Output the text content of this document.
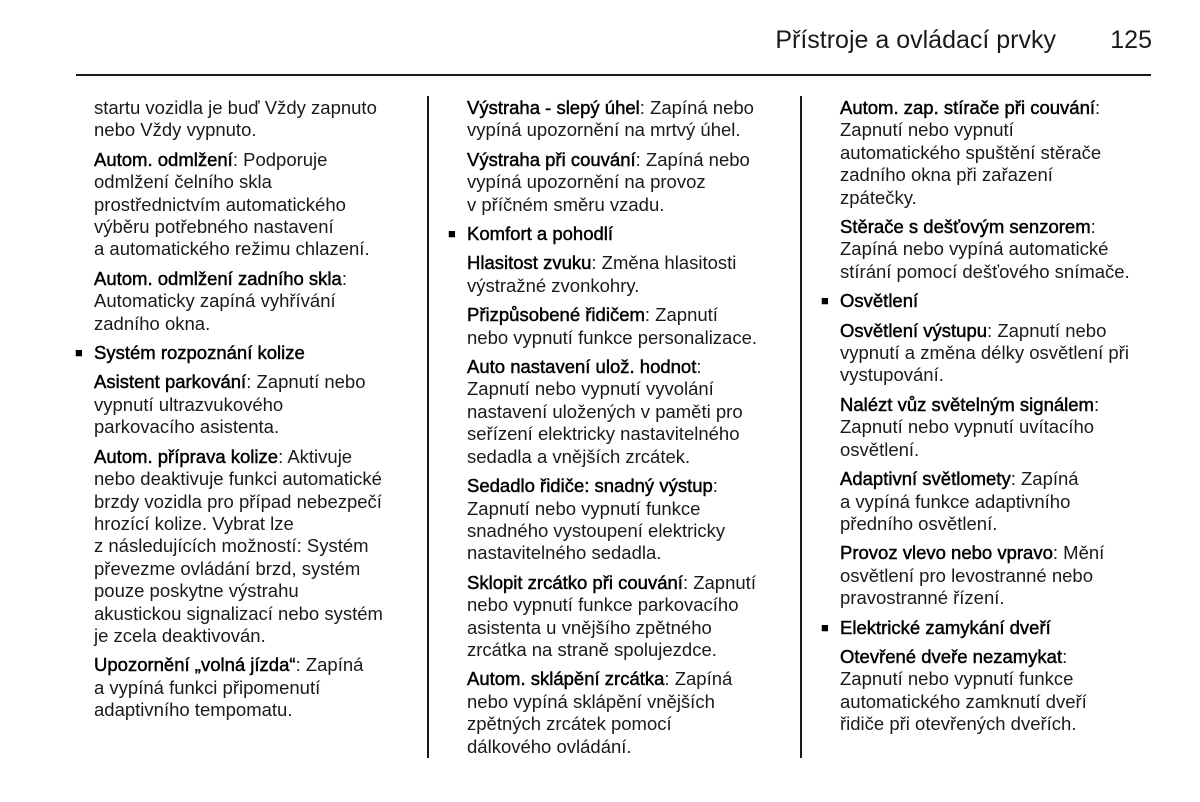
Přístroje a ovládací prvky 125
startu vozidla je buď Vždy zapnuto
nebo Vždy vypnuto.
Autom. odmlžení: Podporuje
odmlžení čelního skla
prostřednictvím automatického
výběru potřebného nastavení
a automatického režimu chlazení.
Autom. odmlžení zadního skla:
Automaticky zapíná vyhřívání
zadního okna.
■ Systém rozpoznání kolize
Asistent parkování: Zapnutí nebo
vypnutí ultrazvukového
parkovacího asistenta.
Autom. příprava kolize: Aktivuje
nebo deaktivuje funkci automatické
brzdy vozidla pro případ nebezpečí
hrozící kolize. Vybrat lze
z následujících možností: Systém
převezme ovládání brzd, systém
pouze poskytne výstrahu
akustickou signalizací nebo systém
je zcela deaktivován.
Upozornění „volná jízda“: Zapíná
a vypíná funkci připomenutí
adaptivního tempomatu.
Výstraha - slepý úhel: Zapíná nebo
vypíná upozornění na mrtvý úhel.
Výstraha při couvání: Zapíná nebo
vypíná upozornění na provoz
v příčném směru vzadu.
■ Komfort a pohodlí
Hlasitost zvuku: Změna hlasitosti
výstražné zvonkohry.
Přizpůsobené řidičem: Zapnutí
nebo vypnutí funkce personalizace.
Auto nastavení ulož. hodnot:
Zapnutí nebo vypnutí vyvolání
nastavení uložených v paměti pro
seřízení elektricky nastavitelného
sedadla a vnějších zrcátek.
Sedadlo řidiče: snadný výstup:
Zapnutí nebo vypnutí funkce
snadného vystoupení elektricky
nastavitelného sedadla.
Sklopit zrcátko při couvání: Zapnutí
nebo vypnutí funkce parkovacího
asistenta u vnějšího zpětného
zrcátka na straně spolujezdce.
Autom. sklápění zrcátka: Zapíná
nebo vypíná sklápění vnějších
zpětných zrcátek pomocí
dálkového ovládání.
Autom. zap. stírače při couvání:
Zapnutí nebo vypnutí
automatického spuštění stěrače
zadního okna při zařazení
zpátečky.
Stěrače s dešťovým senzorem:
Zapíná nebo vypíná automatické
stírání pomocí dešťového snímače.
■ Osvětlení
Osvětlení výstupu: Zapnutí nebo
vypnutí a změna délky osvětlení při
vystupování.
Nalézt vůz světelným signálem:
Zapnutí nebo vypnutí uvítacího
osvětlení.
Adaptivní světlomety: Zapíná
a vypíná funkce adaptivního
předního osvětlení.
Provoz vlevo nebo vpravo: Mění
osvětlení pro levostranné nebo
pravostranné řízení.
■ Elektrické zamykání dveří
Otevřené dveře nezamykat:
Zapnutí nebo vypnutí funkce
automatického zamknutí dveří
řidiče při otevřených dveřích.
